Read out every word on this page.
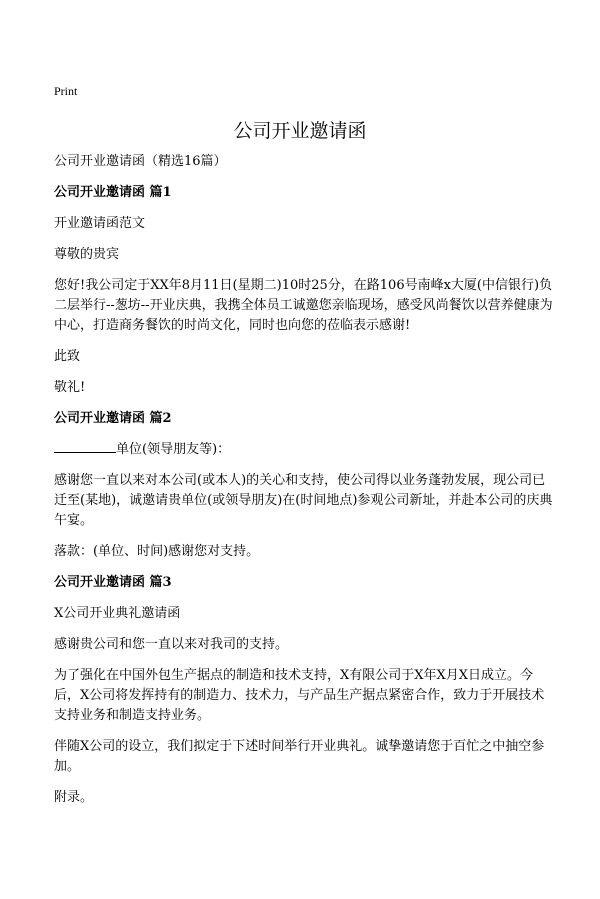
Print
公司开业邀请函

公司开业邀请函（精选16篇）

公司开业邀请函 篇1

开业邀请函范文

尊敬的贵宾

您好!我公司定于XX年8月11日(星期二)10时25分，在路106号南峰x大厦(中信银行)负二层举行--葱坊--开业庆典，我携全体员工诚邀您亲临现场，感受风尚餐饮以营养健康为中心，打造商务餐饮的时尚文化，同时也向您的莅临表示感谢!

此致

敬礼!

公司开业邀请函 篇2

单位(领导朋友等)：

感谢您一直以来对本公司(或本人)的关心和支持，使公司得以业务蓬勃发展，现公司已迁至(某地)，诚邀请贵单位(或领导朋友)在(时间地点)参观公司新址，并赴本公司的庆典午宴。

落款：(单位、时间)感谢您对支持。

公司开业邀请函 篇3

X公司开业典礼邀请函

感谢贵公司和您一直以来对我司的支持。

为了强化在中国外包生产据点的制造和技术支持，X有限公司于X年X月X日成立。今后，X公司将发挥持有的制造力、技术力，与产品生产据点紧密合作，致力于开展技术支持业务和制造支持业务。

伴随X公司的设立，我们拟定于下述时间举行开业典礼。诚挚邀请您于百忙之中抽空参加。

附录。
